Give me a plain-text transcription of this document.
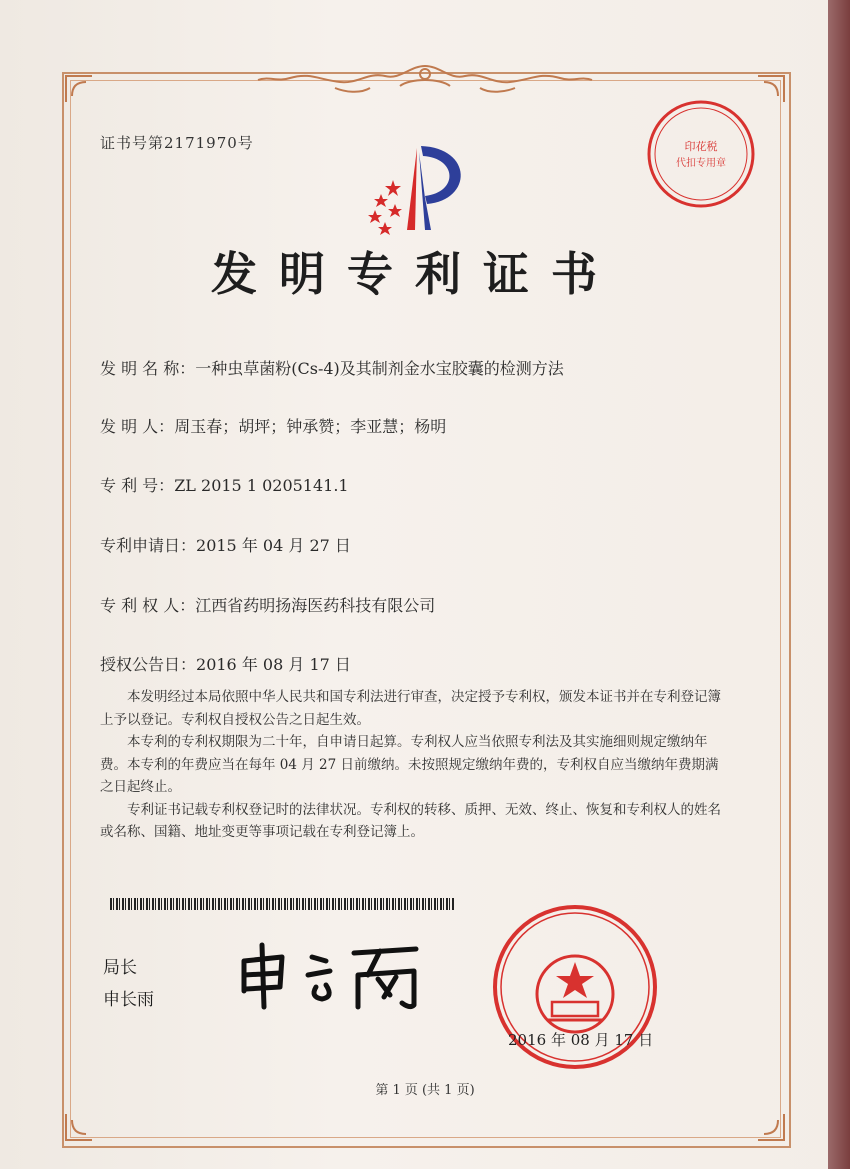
证书号第2171970号	印花税
代扣专用章
发明专利证书
发 明 名 称：一种虫草菌粉(Cs-4)及其制剂金水宝胶囊的检测方法
发 明 人：周玉春；胡坪；钟承赞；李亚慧；杨明
专 利 号：ZL 2015 1 0205141.1
专利申请日：2015 年 04 月 27 日
专 利 权 人：江西省药明扬海医药科技有限公司
授权公告日：2016 年 08 月 17 日

本发明经过本局依照中华人民共和国专利法进行审查，决定授予专利权，颁发本证书并在专利登记簿上予以登记。专利权自授权公告之日起生效。

本专利的专利权期限为二十年，自申请日起算。专利权人应当依照专利法及其实施细则规定缴纳年费。本专利的年费应当在每年 04 月 27 日前缴纳。未按照规定缴纳年费的，专利权自应当缴纳年费期满之日起终止。

专利证书记载专利权登记时的法律状况。专利权的转移、质押、无效、终止、恢复和专利权人的姓名或名称、国籍、地址变更等事项记载在专利登记簿上。

局长
申长雨
2016 年 08 月 17 日
第 1 页 (共 1 页)
